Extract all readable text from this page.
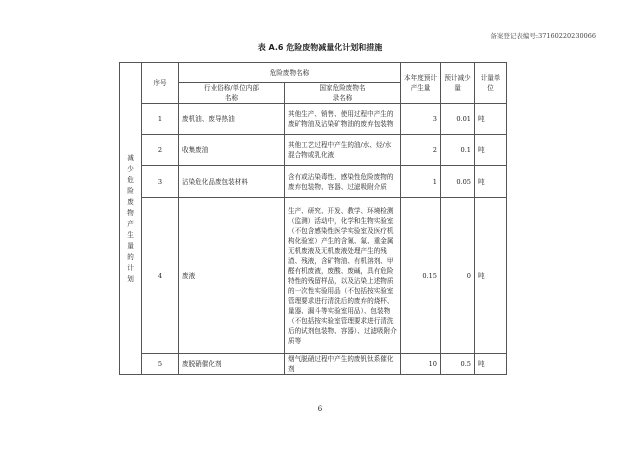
备案登记表编号:37160220230066
表 A.6 危险废物减量化计划和措施
减少危险废物产生量的计划	序号	危险废物名称		本年度预计产生量	预计减少量	计量单位

		行业俗称/单位内部名称	国家危险废物名录名称			

	1	废机油、废导热油	其他生产、销售、使用过程中产生的废矿物油及沾染矿物油的废弃包装物	3	0.01	吨
	2	收集废油	其他工艺过程中产生的油/水、烃/水混合物或乳化液	2	0.1	吨
	3	沾染危化品废包装材料	含有或沾染毒性、感染性危险废物的废弃包装物、容器、过滤吸附介质	1	0.05	吨
	4	废液	生产、研究、开发、教学、环境检测（监测）活动中，化学和生物实验室（不包含感染性医学实验室及医疗机构化验室）产生的含氰、氟、重金属无机废液及无机废液处理产生的残渣、残液，含矿物油、有机溶剂、甲醛有机废液，废酸、废碱，具有危险特性的残留样品，以及沾染上述物质的一次性实验用品（不包括按实验室管理要求进行清洗后的废弃的烧杯、量器、漏斗等实验室用品）、包装物（不包括按实验室管理要求进行清洗后的试剂包装物、容器）、过滤吸附介质等	0.15	0	吨
	5	废脱硝催化剂	烟气脱硝过程中产生的废钒钛系催化剂	10	0.5	吨
6
